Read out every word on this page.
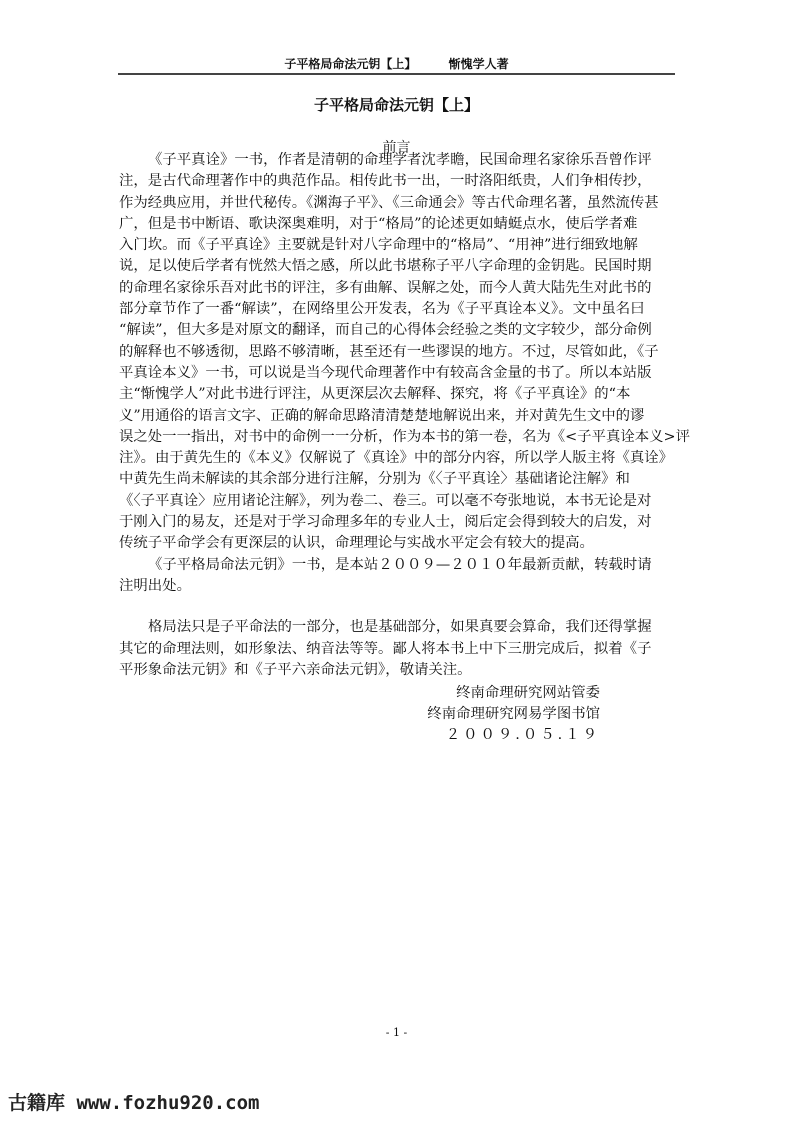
子平格局命法元钥【上】	惭愧学人著
子平格局命法元钥【上】
前言
《子平真诠》一书，作者是清朝的命理学者沈孝瞻，民国命理名家徐乐吾曾作评
注，是古代命理著作中的典范作品。相传此书一出，一时洛阳纸贵，人们争相传抄，
作为经典应用，并世代秘传。《渊海子平》、《三命通会》等古代命理名著，虽然流传甚
广，但是书中断语、歌诀深奥难明，对于“格局”的论述更如蜻蜓点水，使后学者难
入门坎。而《子平真诠》主要就是针对八字命理中的“格局”、“用神”进行细致地解
说，足以使后学者有恍然大悟之感，所以此书堪称子平八字命理的金钥匙。民国时期
的命理名家徐乐吾对此书的评注，多有曲解、误解之处，而今人黄大陆先生对此书的
部分章节作了一番“解读”，在网络里公开发表，名为《子平真诠本义》。文中虽名曰
“解读”，但大多是对原文的翻译，而自己的心得体会经验之类的文字较少，部分命例
的解释也不够透彻，思路不够清晰，甚至还有一些谬误的地方。不过，尽管如此，《子
平真诠本义》一书，可以说是当今现代命理著作中有较高含金量的书了。所以本站版
主“惭愧学人”对此书进行评注，从更深层次去解释、探究，将《子平真诠》的“本
义”用通俗的语言文字、正确的解命思路清清楚楚地解说出来，并对黄先生文中的谬
误之处一一指出，对书中的命例一一分析，作为本书的第一卷，名为《<子平真诠本义>评
注》。由于黄先生的《本义》仅解说了《真诠》中的部分内容，所以学人版主将《真诠》
中黄先生尚未解读的其余部分进行注解，分别为《〈子平真诠〉基础诸论注解》和
《〈子平真诠〉应用诸论注解》，列为卷二、卷三。可以毫不夸张地说，本书无论是对
于刚入门的易友，还是对于学习命理多年的专业人士，阅后定会得到较大的启发，对
传统子平命学会有更深层的认识，命理理论与实战水平定会有较大的提高。
《子平格局命法元钥》一书，是本站２００９—２０１０年最新贡献，转载时请
注明出处。
格局法只是子平命法的一部分，也是基础部分，如果真要会算命，我们还得掌握
其它的命理法则，如形象法、纳音法等等。鄙人将本书上中下三册完成后，拟着《子
平形象命法元钥》和《子平六亲命法元钥》，敬请关注。
终南命理研究网站管委
终南命理研究网易学图书馆
２００９.０５.１９
- 1 -
古籍库 www.fozhu920.com
